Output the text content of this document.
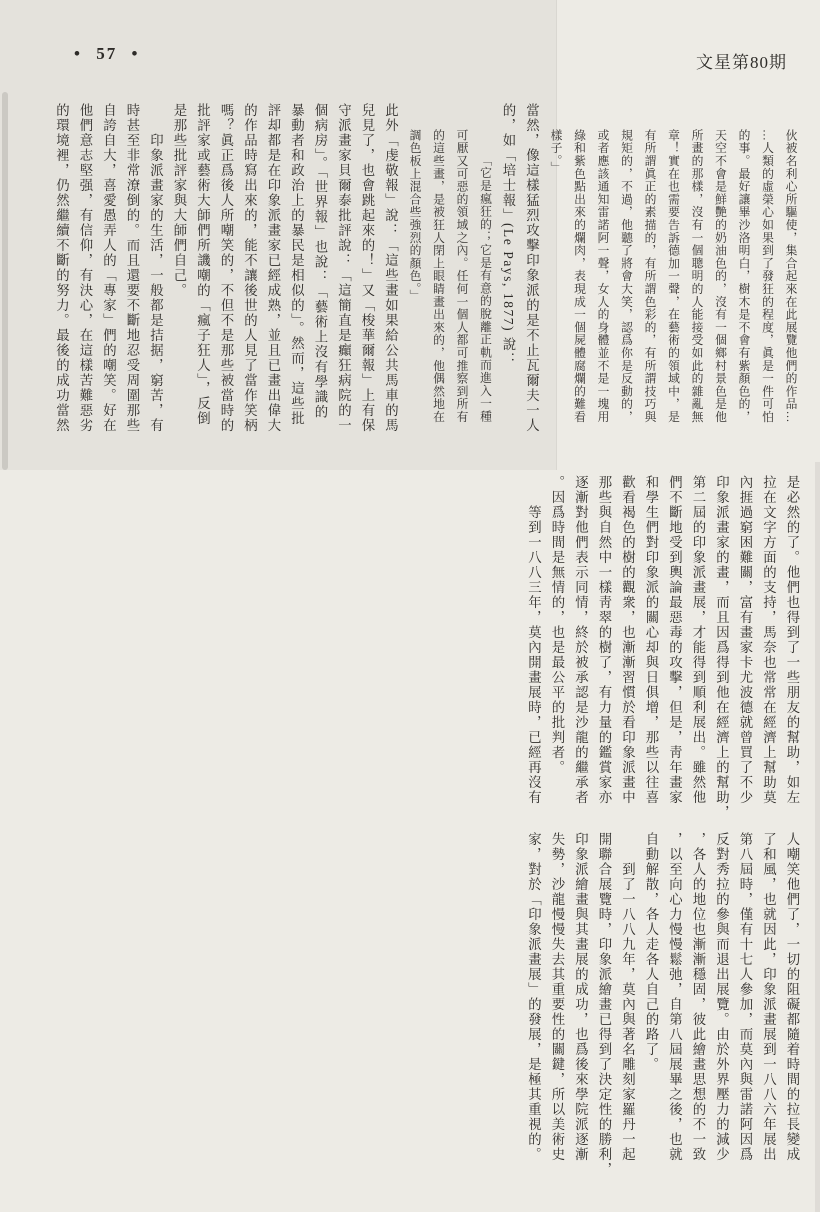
• 57 •	文星第80期
伙被名利心所驅使，集合起來在此展覽他們的作品…
…人類的虛榮心如果到了發狂的程度，眞是一件可怕
的事。最好讓畢沙洛明白，樹木是不會有紫顏色的，
天空不會是鮮艷的奶油色的，沒有一個鄉村景色是他
所畫的那樣，沒有一個聰明的人能接受如此的雜亂無
章！實在也需要告訴德加一聲，在藝術的領域中，是
有所謂眞正的素描的，有所謂色彩的，有所謂技巧與
規矩的，不過，他聽了將會大笑，認爲你是反動的，
或者應該通知雷諾阿一聲，女人的身體並不是一塊用
綠和紫色點出來的爛肉，表現成一個屍體腐爛的難看
樣子。」
當然，像這樣猛烈攻擊印象派的是不止瓦爾夫一人
的，如「培士報」(Le Pays, 1877) 說：
「它是瘋狂的；它是有意的脫離正軌而進入一種
可厭又可惡的領域之內。任何一個人都可推察到所有
的這些畫，是被狂人閉上眼睛畫出來的，他偶然地在
調色板上混合些強烈的顏色。」
此外「虔敬報」說：「這些畫如果給公共馬車的馬
兒見了，也會跳起來的！」又「梭華爾報」上有保
守派畫家貝爾泰批評說：「這簡直是癲狂病院的一
個病房」。「世界報」也說：「藝術上沒有學識的
暴動者和政治上的暴民是相似的」。然而，這些批
評却都是在印象派畫家已經成熟，並且已畫出偉大
的作品時寫出來的，能不讓後世的人見了當作笑柄
嗎？眞正爲後人所嘲笑的，不但不是那些被當時的
批評家或藝術大師們所譏嘲的「瘋子狂人」，反倒
是那些批評家與大師們自己。
印象派畫家的生活，一般都是拮据，窮苦，有
時甚至非常潦倒的。而且還要不斷地忍受周圍那些
自誇自大，喜愛愚弄人的「專家」們的嘲笑。好在
他們意志堅强，有信仰，有決心，在這樣苦難惡劣
的環境裡，仍然繼續不斷的努力。最後的成功當然
是必然的了。他們也得到了一些朋友的幫助，如左
拉在文字方面的支持，馬奈也常常在經濟上幫助莫
內捱過窮困難關，富有畫家卡尤波德就曾買了不少
印象派畫家的畫，而且因爲得到他在經濟上的幫助，
第二屆的印象派畫展，才能得到順利展出。雖然他
們不斷地受到輿論最惡毒的攻擊，但是，靑年畫家
和學生們對印象派的關心却與日俱增，那些以往喜
歡看褐色的樹的觀衆，也漸漸習慣於看印象派畫中
那些與自然中一樣靑翠的樹了，有力量的鑑賞家亦
逐漸對他們表示同情，終於被承認是沙龍的繼承者
。因爲時間是無情的，也是最公平的批判者。
等到一八八三年，莫內開畫展時，已經再沒有
人嘲笑他們了，一切的阻礙都隨着時間的拉長變成
了和風，也就因此，印象派畫展到一八八六年展出
第八屆時，僅有十七人參加，而莫內與雷諾阿因爲
反對秀拉的參與而退出展覽。由於外界壓力的減少
，各人的地位也漸漸穩固，彼此繪畫思想的不一致
，以至向心力慢慢鬆弛，自第八屆展畢之後，也就
自動解散，各人走各人自己的路了。
到了一八八九年，莫內與著名雕刻家羅丹一起
開聯合展覽時，印象派繪畫已得到了決定性的勝利，
印象派繪畫與其畫展的成功，也爲後來學院派逐漸
失勢，沙龍慢慢失去其重要性的關鍵，所以美術史
家，對於「印象派畫展」的發展，是極其重視的。
